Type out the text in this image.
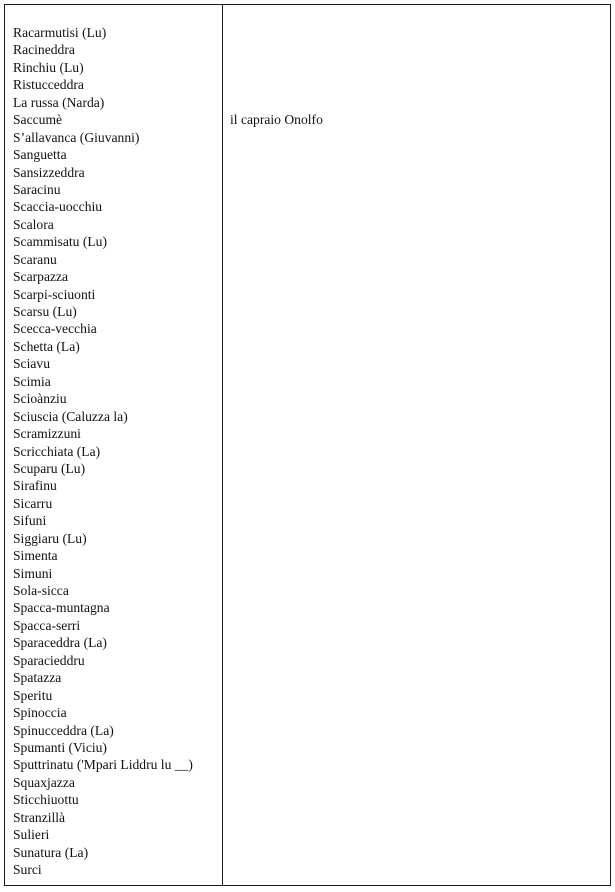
Racarmutisi (Lu)
Racineddra
Rinchiu (Lu)
Ristucceddra
La russa (Narda)
Saccumè
S’allavanca (Giuvanni)
Sanguetta
Sansizzeddra
Saracinu
Scaccia-uocchiu
Scalora
Scammisatu (Lu)
Scaranu
Scarpazza
Scarpi-sciuonti
Scarsu (Lu)
Scecca-vecchia
Schetta (La)
Sciavu
Scimia
Scioànziu
Sciuscia (Caluzza la)
Scramizzuni
Scricchiata (La)
Scuparu (Lu)
Sirafinu
Sicarru
Sifuni
Siggiaru (Lu)
Simenta
Simuni
Sola-sicca
Spacca-muntagna
Spacca-serri
Sparaceddra (La)
Sparacieddru
Spatazza
Speritu
Spinoccia
Spinucceddra (La)
Spumanti (Viciu)
Sputtrinatu ('Mpari Liddru lu __)
Squaxjazza
Sticchiuottu
Stranzillà
Sulieri
Sunatura (La)
Surci
il capraio Onolfo
